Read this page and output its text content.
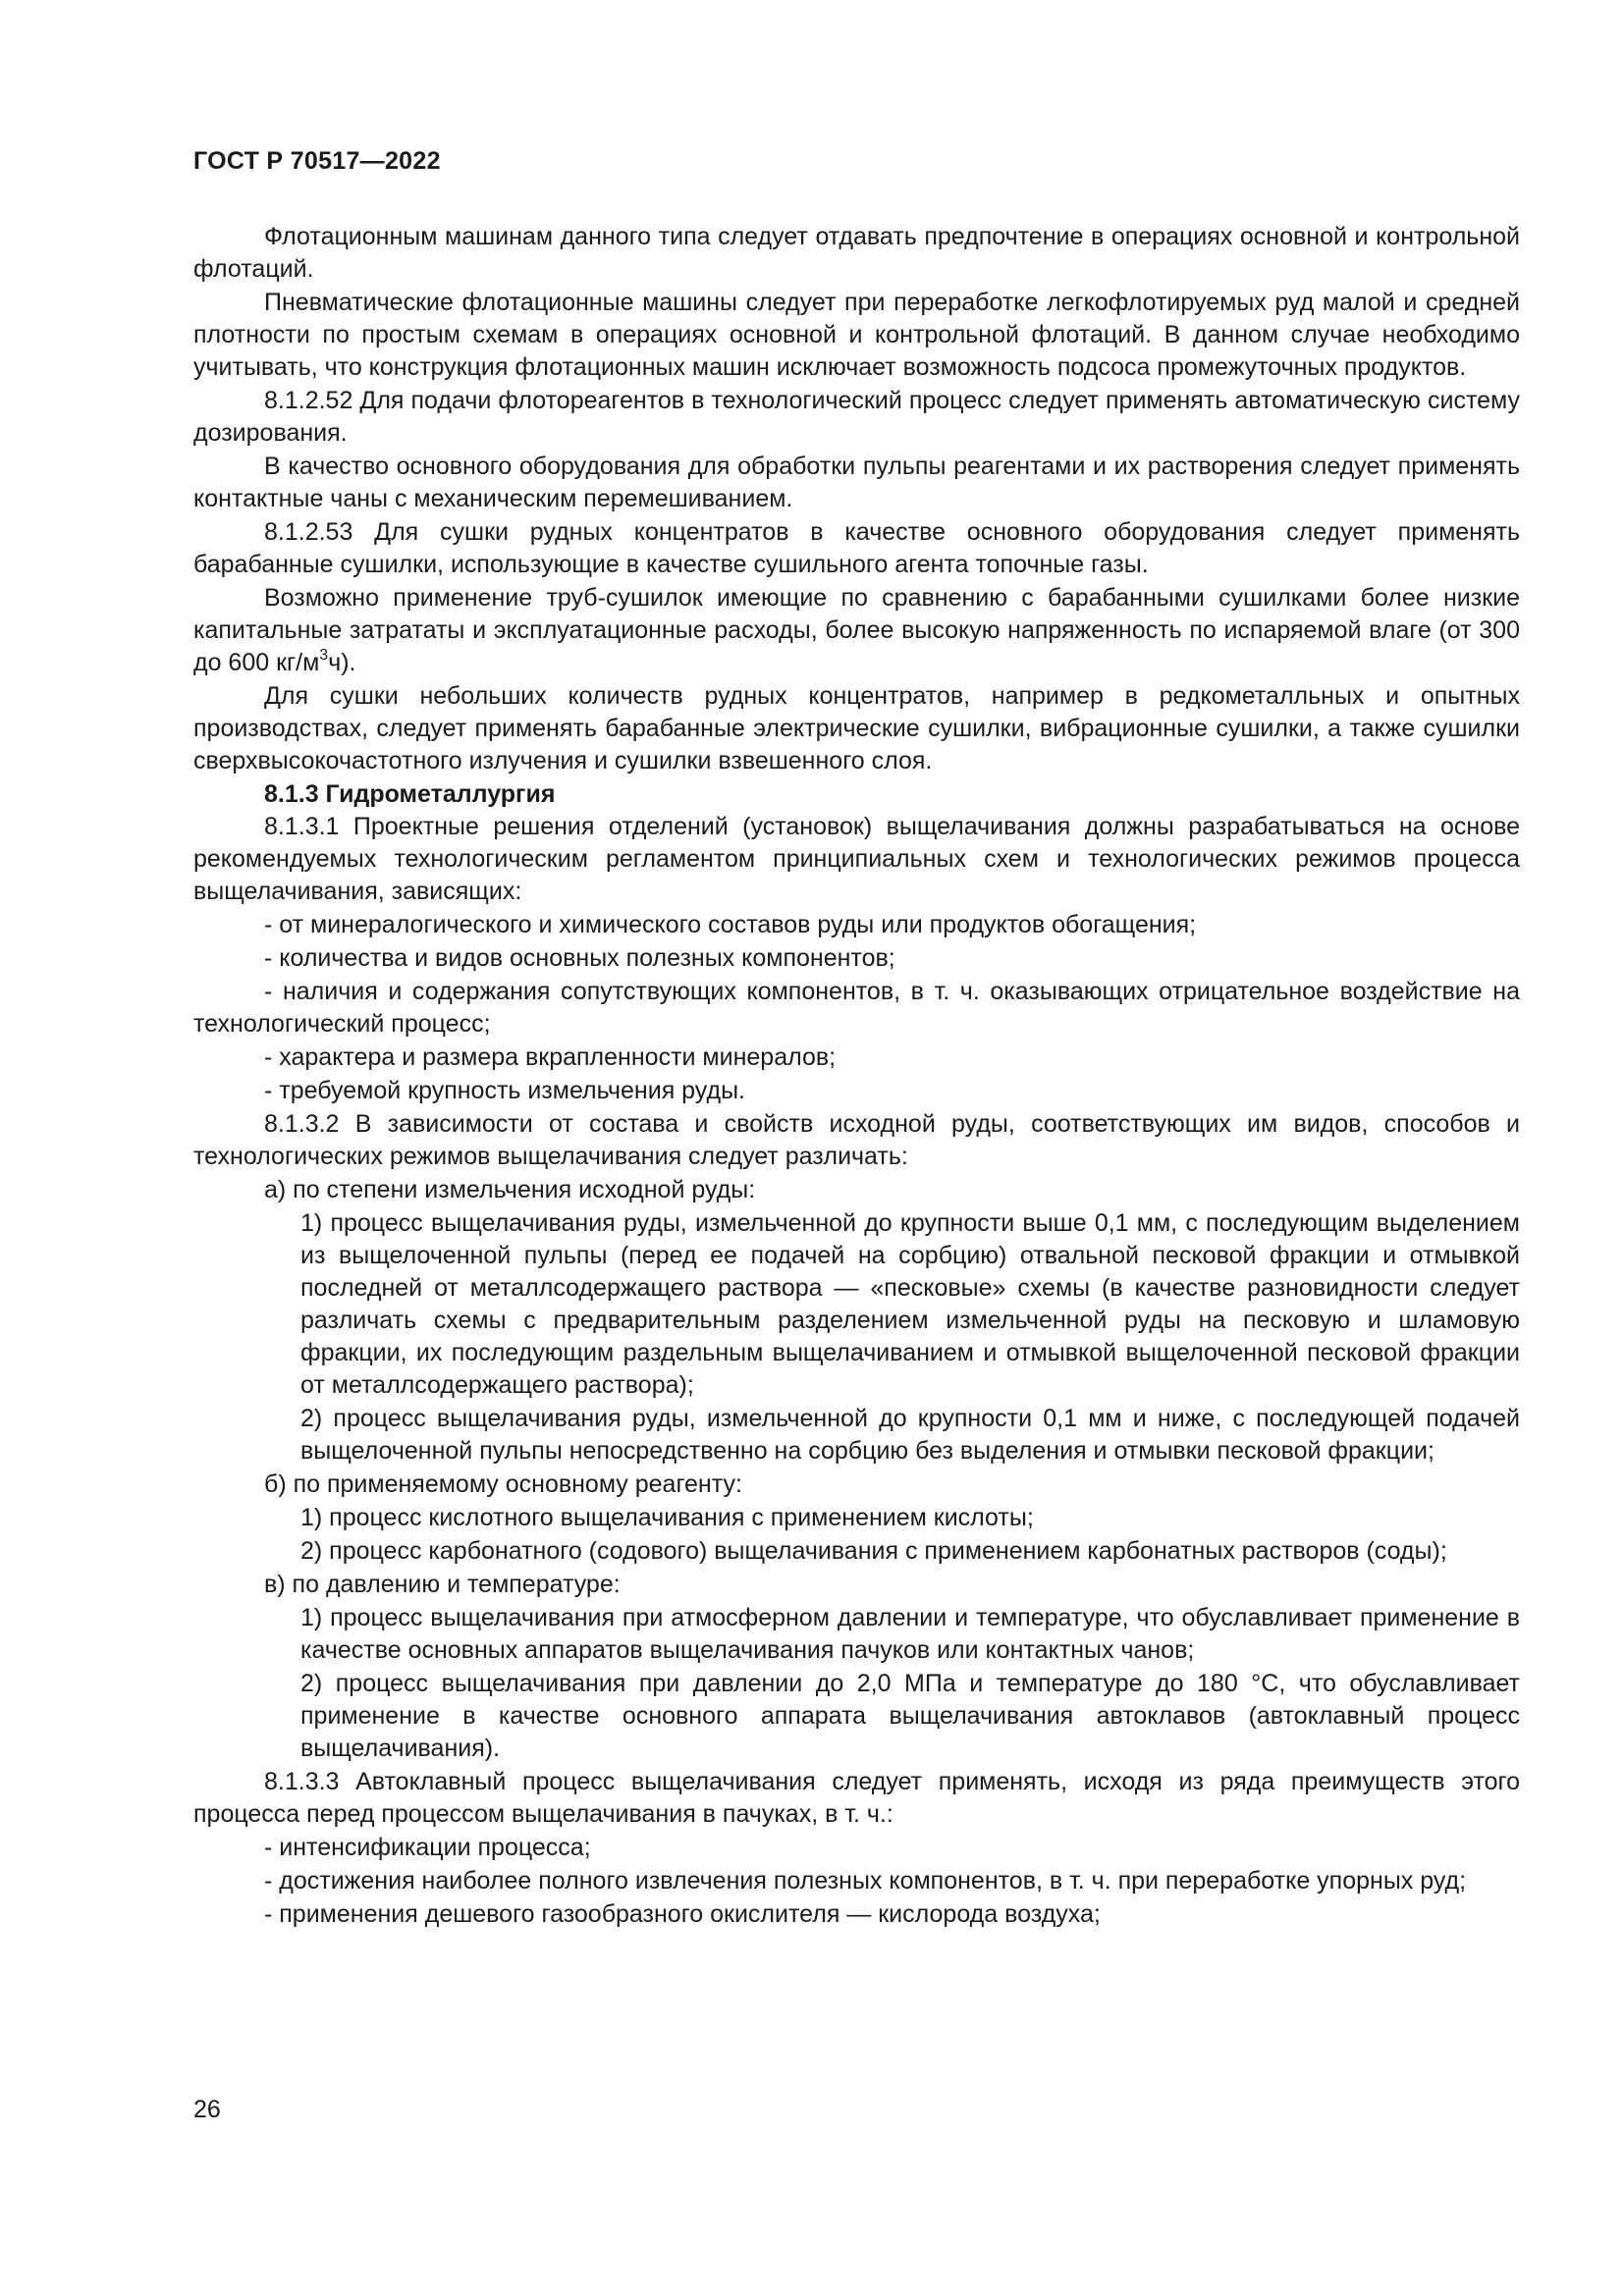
ГОСТ Р 70517—2022

Флотационным машинам данного типа следует отдавать предпочтение в операциях основной и контрольной флотаций.

Пневматические флотационные машины следует при переработке легкофлотируемых руд малой и средней плотности по простым схемам в операциях основной и контрольной флотаций. В данном случае необходимо учитывать, что конструкция флотационных машин исключает возможность подсоса промежуточных продуктов.

8.1.2.52 Для подачи флотореагентов в технологический процесс следует применять автоматическую систему дозирования.

В качество основного оборудования для обработки пульпы реагентами и их растворения следует применять контактные чаны с механическим перемешиванием.

8.1.2.53 Для сушки рудных концентратов в качестве основного оборудования следует применять барабанные сушилки, использующие в качестве сушильного агента топочные газы.

Возможно применение труб-сушилок имеющие по сравнению с барабанными сушилками более низкие капитальные затрататы и эксплуатационные расходы, более высокую напряженность по испаряемой влаге (от 300 до 600 $кг/м^3ч$).

Для сушки небольших количеств рудных концентратов, например в редкометалльных и опытных производствах, следует применять барабанные электрические сушилки, вибрационные сушилки, а также сушилки сверхвысокочастотного излучения и сушилки взвешенного слоя.

8.1.3 Гидрометаллургия

8.1.3.1 Проектные решения отделений (установок) выщелачивания должны разрабатываться на основе рекомендуемых технологическим регламентом принципиальных схем и технологических режимов процесса выщелачивания, зависящих:

- от минералогического и химического составов руды или продуктов обогащения;

- количества и видов основных полезных компонентов;

- наличия и содержания сопутствующих компонентов, в т. ч. оказывающих отрицательное воздействие на технологический процесс;

- характера и размера вкрапленности минералов;

- требуемой крупность измельчения руды.

8.1.3.2 В зависимости от состава и свойств исходной руды, соответствующих им видов, способов и технологических режимов выщелачивания следует различать:

а) по степени измельчения исходной руды:

1) процесс выщелачивания руды, измельченной до крупности выше 0,1 мм, с последующим выделением из выщелоченной пульпы (перед ее подачей на сорбцию) отвальной песковой фракции и отмывкой последней от металлсодержащего раствора — «песковые» схемы (в качестве разновидности следует различать схемы с предварительным разделением измельченной руды на песковую и шламовую фракции, их последующим раздельным выщелачиванием и отмывкой выщелоченной песковой фракции от металлсодержащего раствора);

2) процесс выщелачивания руды, измельченной до крупности 0,1 мм и ниже, с последующей подачей выщелоченной пульпы непосредственно на сорбцию без выделения и отмывки песковой фракции;

б) по применяемому основному реагенту:

1) процесс кислотного выщелачивания с применением кислоты;

2) процесс карбонатного (содового) выщелачивания с применением карбонатных растворов (соды);

в) по давлению и температуре:

1) процесс выщелачивания при атмосферном давлении и температуре, что обуславливает применение в качестве основных аппаратов выщелачивания пачуков или контактных чанов;

2) процесс выщелачивания при давлении до 2,0 МПа и температуре до 180 °С, что обуславливает применение в качестве основного аппарата выщелачивания автоклавов (автоклавный процесс выщелачивания).

8.1.3.3 Автоклавный процесс выщелачивания следует применять, исходя из ряда преимуществ этого процесса перед процессом выщелачивания в пачуках, в т. ч.:

- интенсификации процесса;

- достижения наиболее полного извлечения полезных компонентов, в т. ч. при переработке упорных руд;

- применения дешевого газообразного окислителя — кислорода воздуха;

26
